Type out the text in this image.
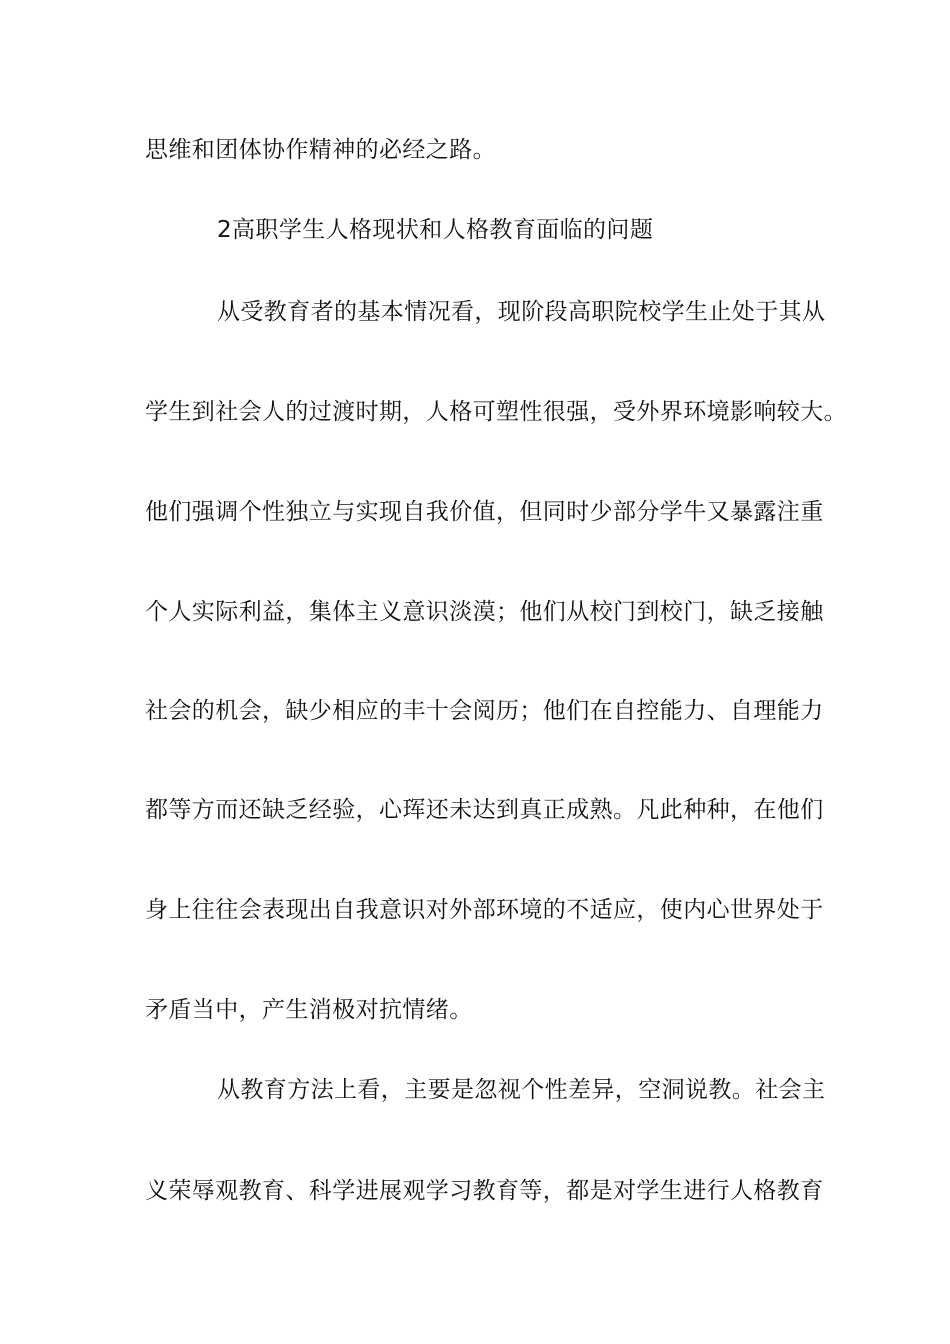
思维和团体协作精神的必经之路。
2高职学生人格现状和人格教育面临的问题
从受教育者的基本情况看，现阶段高职院校学生止处于其从
学生到社会人的过渡时期，人格可塑性很强，受外界环境影响较大。
他们强调个性独立与实现自我价值，但同时少部分学牛又暴露注重
个人实际利益，集体主义意识淡漠；他们从校门到校门，缺乏接触
社会的机会，缺少相应的丰十会阅历；他们在自控能力、自理能力
都等方而还缺乏经验，心珲还未达到真正成熟。凡此种种，在他们
身上往往会表现出自我意识对外部环境的不适应，使内心世界处于
矛盾当中，产生消极对抗情绪。
从教育方法上看，主要是忽视个性差异，空洞说教。社会主
义荣辱观教育、科学进展观学习教育等，都是对学生进行人格教育
